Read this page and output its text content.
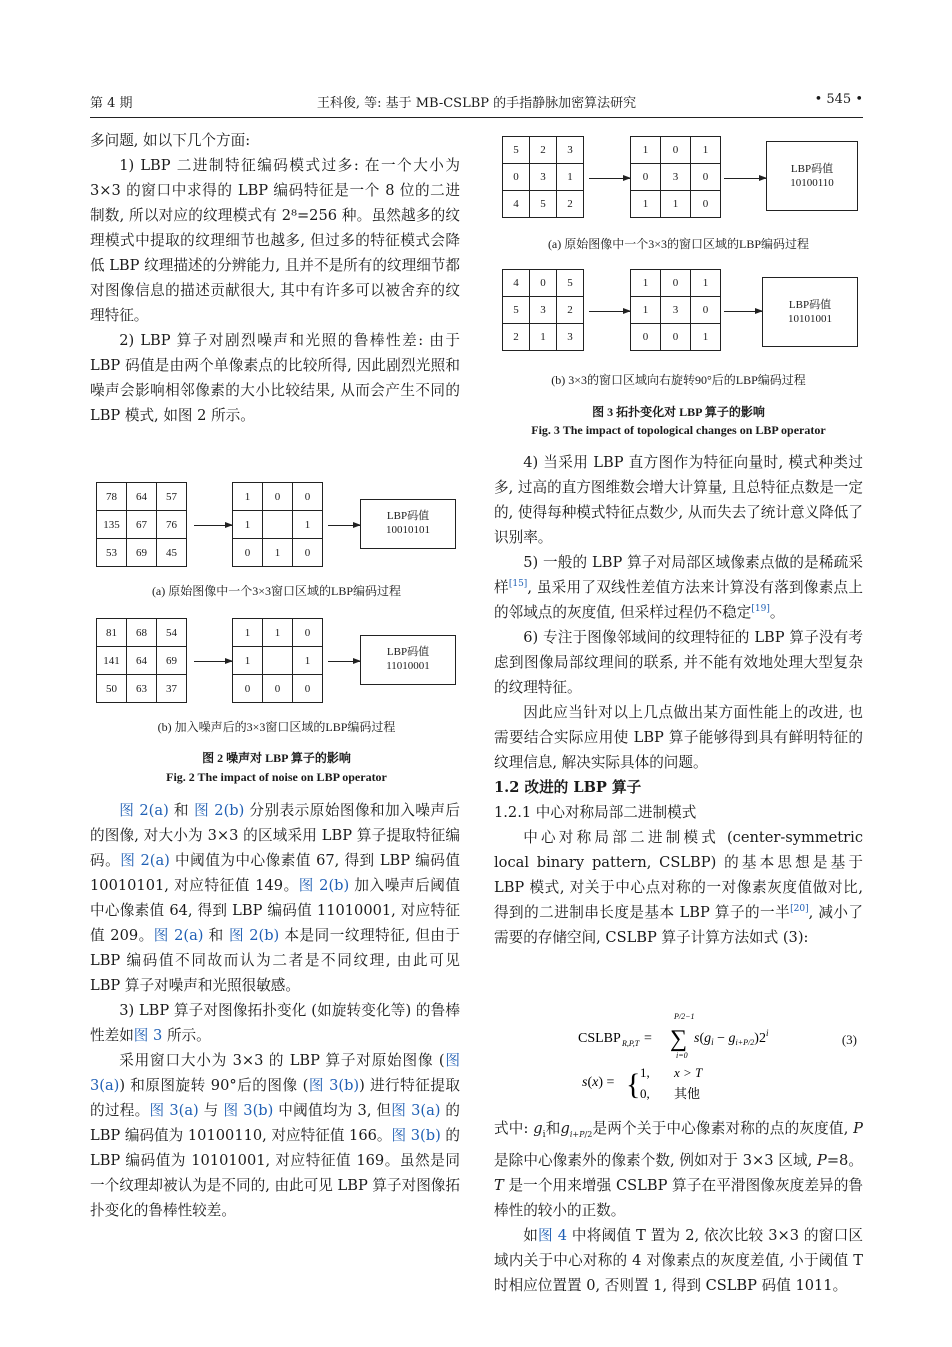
第 4 期	王科俊, 等: 基于 MB-CSLBP 的手指静脉加密算法研究	• 545 •

多问题, 如以下几个方面:

1) LBP 二进制特征编码模式过多: 在一个大小为 3×3 的窗口中求得的 LBP 编码特征是一个 8 位的二进制数, 所以对应的纹理模式有 2⁸=256 种。虽然越多的纹理模式中提取的纹理细节也越多, 但过多的特征模式会降低 LBP 纹理描述的分辨能力, 且并不是所有的纹理细节都对图像信息的描述贡献很大, 其中有许多可以被舍弃的纹理特征。

2) LBP 算子对剧烈噪声和光照的鲁棒性差: 由于 LBP 码值是由两个单像素点的比较所得, 因此剧烈光照和噪声会影响相邻像素的大小比较结果, 从而会产生不同的 LBP 模式, 如图 2 所示。

78	64	57
135	67	76
53	69	45
1	0	0
1		1
0	1	0
LBP码值
10010101
(a) 原始图像中一个3×3窗口区域的LBP编码过程
81	68	54
141	64	69
50	63	37
1	1	0
1		1
0	0	0
LBP码值
11010001
(b) 加入噪声后的3×3窗口区域的LBP编码过程
图 2 噪声对 LBP 算子的影响
Fig. 2 The impact of noise on LBP operator

图 2(a) 和 图 2(b) 分别表示原始图像和加入噪声后的图像, 对大小为 3×3 的区域采用 LBP 算子提取特征编码。图 2(a) 中阈值为中心像素值 67, 得到 LBP 编码值 10010101, 对应特征值 149。图 2(b) 加入噪声后阈值中心像素值 64, 得到 LBP 编码值 11010001, 对应特征值 209。图 2(a) 和 图 2(b) 本是同一纹理特征, 但由于 LBP 编码值不同故而认为二者是不同纹理, 由此可见 LBP 算子对噪声和光照很敏感。

3) LBP 算子对图像拓扑变化 (如旋转变化等) 的鲁棒性差如图 3 所示。

采用窗口大小为 3×3 的 LBP 算子对原始图像 (图 3(a)) 和原图旋转 90°后的图像 (图 3(b)) 进行特征提取的过程。图 3(a) 与 图 3(b) 中阈值均为 3, 但图 3(a) 的 LBP 编码值为 10100110, 对应特征值 166。图 3(b) 的 LBP 编码值为 10101001, 对应特征值 169。虽然是同一个纹理却被认为是不同的, 由此可见 LBP 算子对图像拓扑变化的鲁棒性较差。

5	2	3
0	3	1
4	5	2
1	0	1
0	3	0
1	1	0
LBP码值
10100110
(a) 原始图像中一个3×3的窗口区域的LBP编码过程
4	0	5
5	3	2
2	1	3
1	0	1
1	3	0
0	0	1
LBP码值
10101001
(b) 3×3的窗口区域向右旋转90°后的LBP编码过程
图 3 拓扑变化对 LBP 算子的影响
Fig. 3 The impact of topological changes on LBP operator

4) 当采用 LBP 直方图作为特征向量时, 模式种类过多, 过高的直方图维数会增大计算量, 且总特征点数是一定的, 使得每种模式特征点数少, 从而失去了统计意义降低了识别率。

5) 一般的 LBP 算子对局部区域像素点做的是稀疏采样[15], 虽采用了双线性差值方法来计算没有落到像素点上的邻域点的灰度值, 但采样过程仍不稳定[19]。

6) 专注于图像邻域间的纹理特征的 LBP 算子没有考虑到图像局部纹理间的联系, 并不能有效地处理大型复杂的纹理特征。

因此应当针对以上几点做出某方面性能上的改进, 也需要结合实际应用使 LBP 算子能够得到具有鲜明特征的纹理信息, 解决实际具体的问题。

1.2 改进的 LBP 算子

1.2.1 中心对称局部二进制模式

中心对称局部二进制模式 (center-symmetric local binary pattern, CSLBP) 的基本思想是基于 LBP 模式, 对关于中心点对称的一对像素灰度值做对比, 得到的二进制串长度是基本 LBP 算子的一半[20], 减小了需要的存储空间, CSLBP 算子计算方法如式 (3):

CSLBP R,P,T =
P/2−1
∑
i=0
$s(g_i - g_{i+P/2})2^i$
s(x) = { 1, x > T
0, 其他
(3)

式中: $g_i$和$g_{i+P/2}$是两个关于中心像素对称的点的灰度值, P 是除中心像素外的像素个数, 例如对于 3×3 区域, P=8。T 是一个用来增强 CSLBP 算子在平滑图像灰度差异的鲁棒性的较小的正数。

如图 4 中将阈值 T 置为 2, 依次比较 3×3 的窗口区域内关于中心对称的 4 对像素点的灰度差值, 小于阈值 T 时相应位置置 0, 否则置 1, 得到 CSLBP 码值 1011。
